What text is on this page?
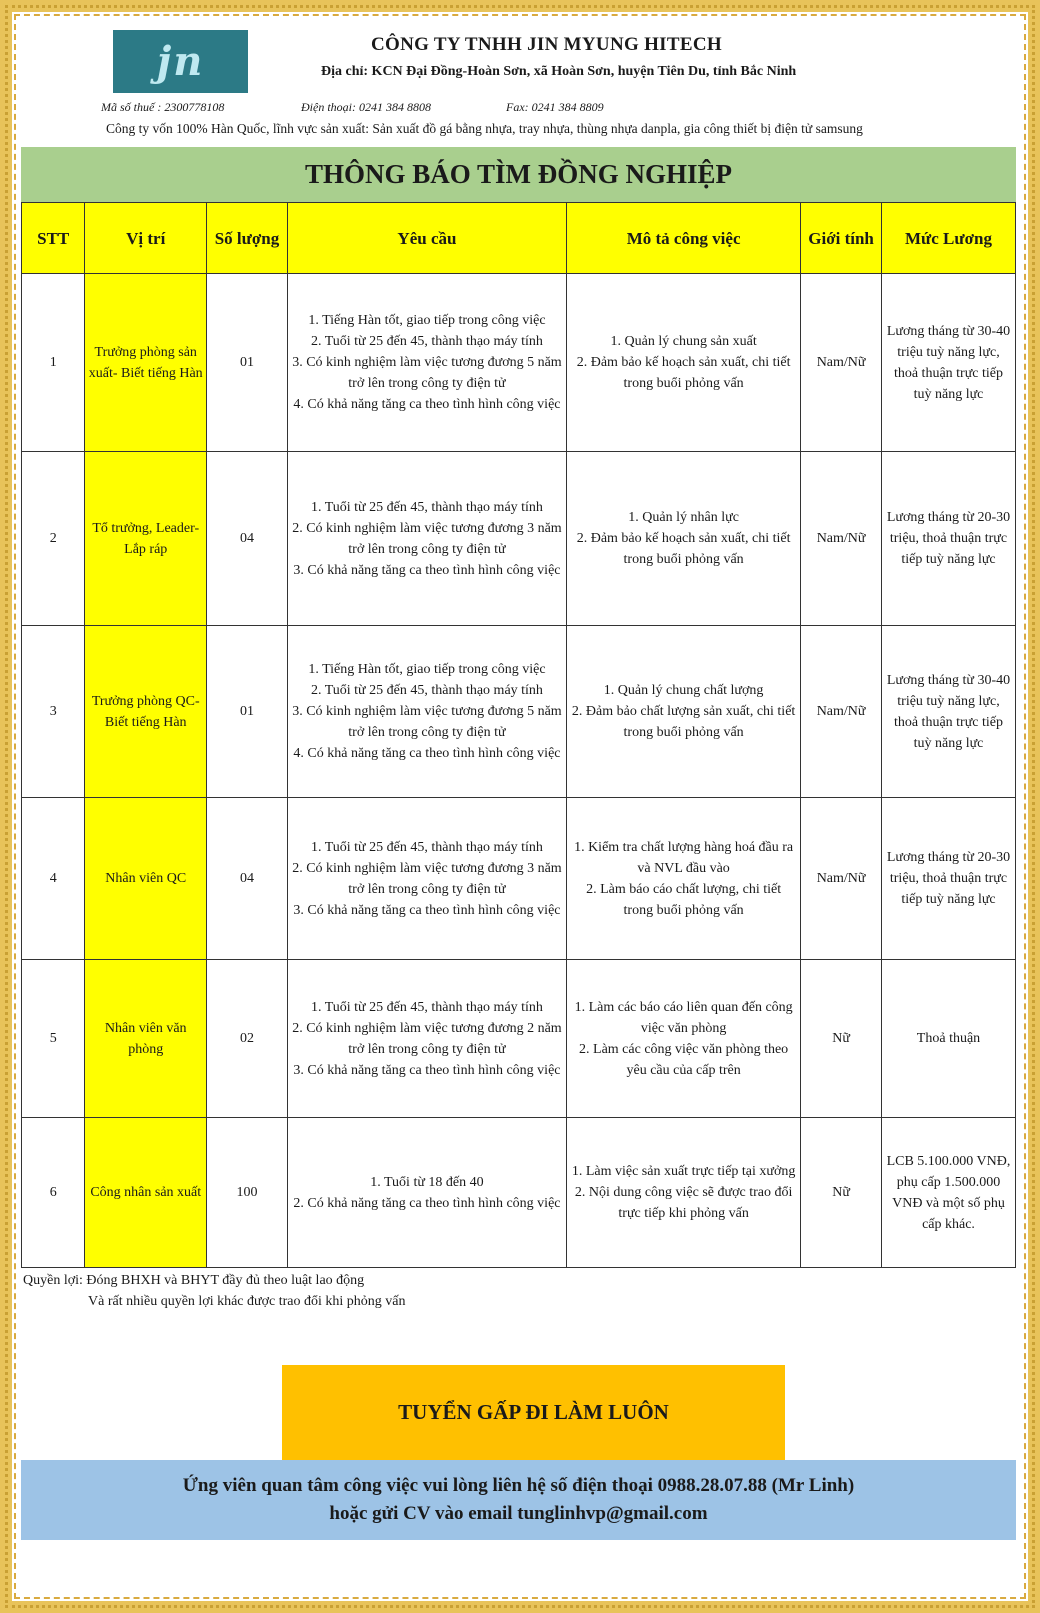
jn	CÔNG TY TNHH JIN MYUNG HITECH
Địa chỉ: KCN Đại Đồng-Hoàn Sơn, xã Hoàn Sơn, huyện Tiên Du, tỉnh Bắc Ninh
Mã số thuế : 2300778108	Điện thoại: 0241 384 8808	Fax: 0241 384 8809
Công ty vốn 100% Hàn Quốc, lĩnh vực sản xuất: Sản xuất đồ gá bằng nhựa, tray nhựa, thùng nhựa danpla, gia công thiết bị điện tử samsung
THÔNG BÁO TÌM ĐỒNG NGHIỆP
STT	Vị trí	Số lượng	Yêu cầu	Mô tả công việc	Giới tính	Mức Lương
1	Trưởng phòng sản xuất- Biết tiếng Hàn	01	1. Tiếng Hàn tốt, giao tiếp trong công việc
2. Tuổi từ 25 đến 45, thành thạo máy tính
3. Có kinh nghiệm làm việc tương đương 5 năm trở lên trong công ty điện tử
4. Có khả năng tăng ca theo tình hình công việc	1. Quản lý chung sản xuất
2. Đảm bảo kế hoạch sản xuất, chi tiết trong buổi phỏng vấn	Nam/Nữ	Lương tháng từ 30-40 triệu tuỳ năng lực, thoả thuận trực tiếp tuỳ năng lực
2	Tổ trưởng, Leader-Lắp ráp	04	1. Tuổi từ 25 đến 45, thành thạo máy tính
2. Có kinh nghiệm làm việc tương đương 3 năm trở lên trong công ty điện tử
3. Có khả năng tăng ca theo tình hình công việc	1. Quản lý nhân lực
2. Đảm bảo kế hoạch sản xuất, chi tiết trong buổi phỏng vấn	Nam/Nữ	Lương tháng từ 20-30 triệu, thoả thuận trực tiếp tuỳ năng lực
3	Trưởng phòng QC-Biết tiếng Hàn	01	1. Tiếng Hàn tốt, giao tiếp trong công việc
2. Tuổi từ 25 đến 45, thành thạo máy tính
3. Có kinh nghiệm làm việc tương đương 5 năm trở lên trong công ty điện tử
4. Có khả năng tăng ca theo tình hình công việc	1. Quản lý chung chất lượng
2. Đảm bảo chất lượng sản xuất, chi tiết trong buổi phỏng vấn	Nam/Nữ	Lương tháng từ 30-40 triệu tuỳ năng lực, thoả thuận trực tiếp tuỳ năng lực
4	Nhân viên QC	04	1. Tuổi từ 25 đến 45, thành thạo máy tính
2. Có kinh nghiệm làm việc tương đương 3 năm trở lên trong công ty điện tử
3. Có khả năng tăng ca theo tình hình công việc	1. Kiểm tra chất lượng hàng hoá đầu ra và NVL đầu vào
2. Làm báo cáo chất lượng, chi tiết trong buổi phỏng vấn	Nam/Nữ	Lương tháng từ 20-30 triệu, thoả thuận trực tiếp tuỳ năng lực
5	Nhân viên văn phòng	02	1. Tuổi từ 25 đến 45, thành thạo máy tính
2. Có kinh nghiệm làm việc tương đương 2 năm trở lên trong công ty điện tử
3. Có khả năng tăng ca theo tình hình công việc	1. Làm các báo cáo liên quan đến công việc văn phòng
2. Làm các công việc văn phòng theo yêu cầu của cấp trên	Nữ	Thoả thuận
6	Công nhân sản xuất	100	1. Tuổi từ 18 đến 40
2. Có khả năng tăng ca theo tình hình công việc	1. Làm việc sản xuất trực tiếp tại xưởng
2. Nội dung công việc sẽ được trao đổi trực tiếp khi phỏng vấn	Nữ	LCB 5.100.000 VNĐ, phụ cấp 1.500.000 VNĐ và một số phụ cấp khác.
Quyền lợi: Đóng BHXH và BHYT đầy đủ theo luật lao động
Và rất nhiều quyền lợi khác được trao đổi khi phỏng vấn
TUYỂN GẤP ĐI LÀM LUÔN
Ứng viên quan tâm công việc vui lòng liên hệ số điện thoại 0988.28.07.88 (Mr Linh)
hoặc gửi CV vào email tunglinhvp@gmail.com
